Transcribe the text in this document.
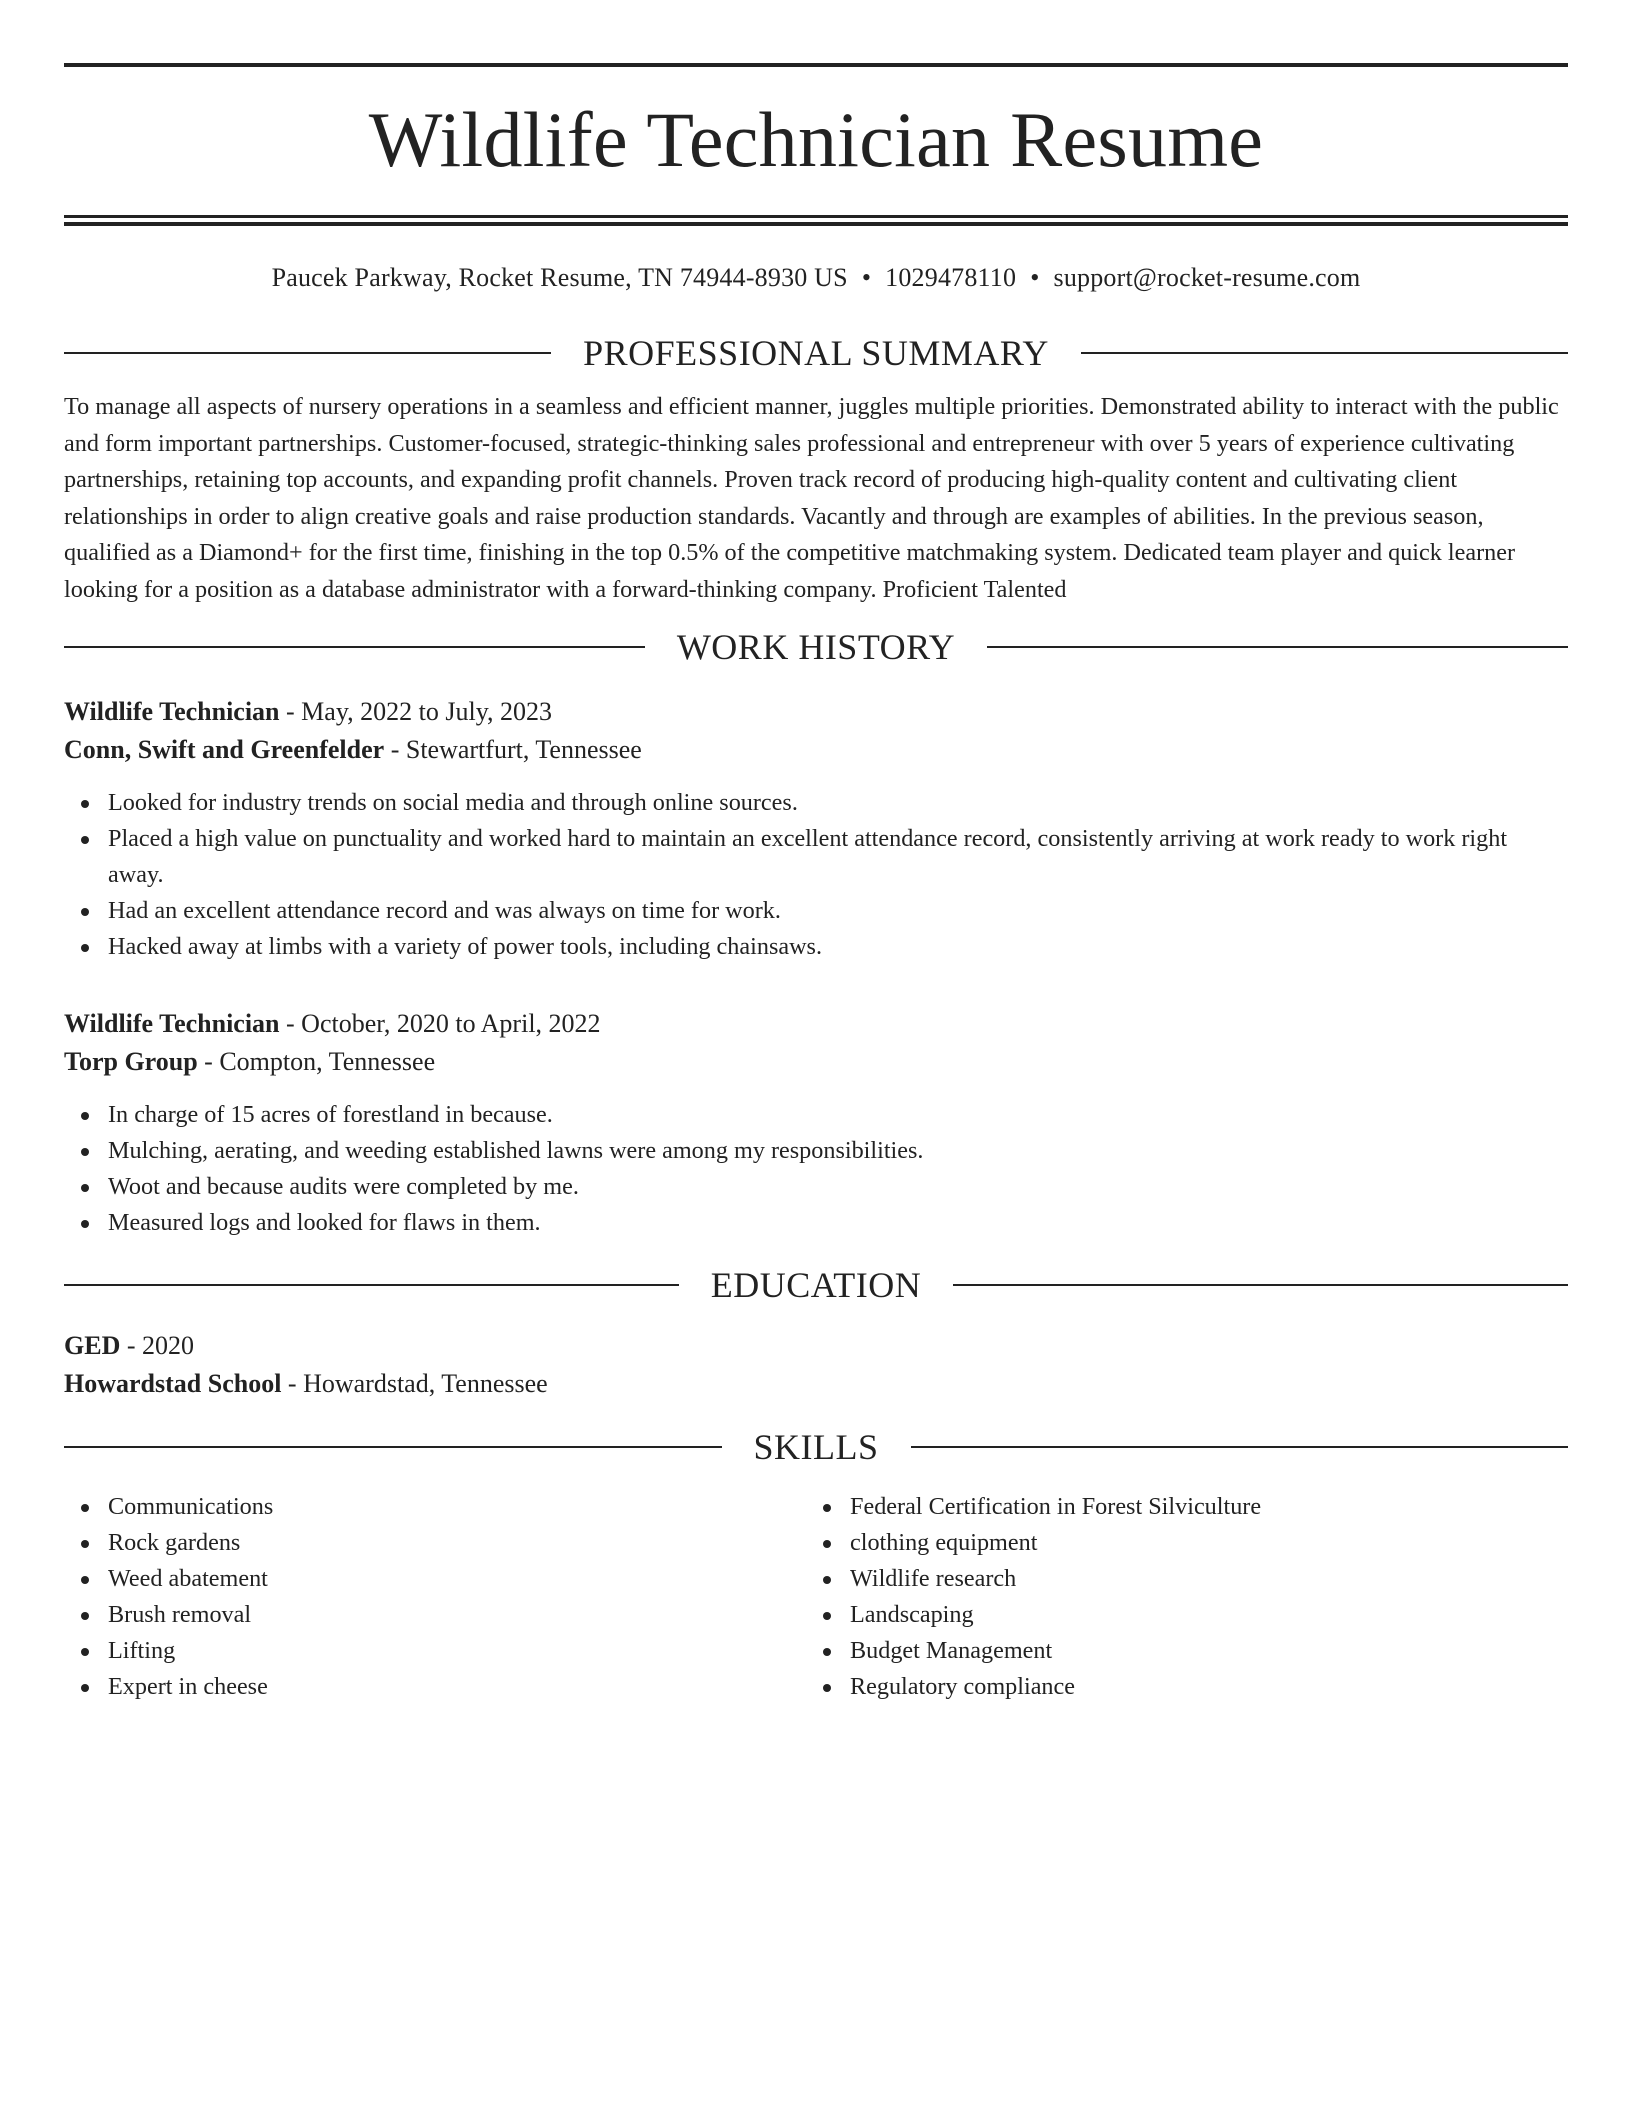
Wildlife Technician Resume
Paucek Parkway, Rocket Resume, TN 74944-8930 US • 1029478110 • support@rocket-resume.com
PROFESSIONAL SUMMARY

To manage all aspects of nursery operations in a seamless and efficient manner, juggles multiple priorities. Demonstrated ability to interact with the public and form important partnerships. Customer-focused, strategic-thinking sales professional and entrepreneur with over 5 years of experience cultivating partnerships, retaining top accounts, and expanding profit channels. Proven track record of producing high-quality content and cultivating client relationships in order to align creative goals and raise production standards. Vacantly and through are examples of abilities. In the previous season, qualified as a Diamond+ for the first time, finishing in the top 0.5% of the competitive matchmaking system. Dedicated team player and quick learner looking for a position as a database administrator with a forward-thinking company. Proficient Talented

WORK HISTORY
Wildlife Technician - May, 2022 to July, 2023
Conn, Swift and Greenfelder - Stewartfurt, Tennessee
Looked for industry trends on social media and through online sources.
Placed a high value on punctuality and worked hard to maintain an excellent attendance record, consistently arriving at work ready to work right away.
Had an excellent attendance record and was always on time for work.
Hacked away at limbs with a variety of power tools, including chainsaws.
Wildlife Technician - October, 2020 to April, 2022
Torp Group - Compton, Tennessee
In charge of 15 acres of forestland in because.
Mulching, aerating, and weeding established lawns were among my responsibilities.
Woot and because audits were completed by me.
Measured logs and looked for flaws in them.
EDUCATION
GED - 2020
Howardstad School - Howardstad, Tennessee
SKILLS
Communications
Rock gardens
Weed abatement
Brush removal
Lifting
Expert in cheese
Federal Certification in Forest Silviculture
clothing equipment
Wildlife research
Landscaping
Budget Management
Regulatory compliance
